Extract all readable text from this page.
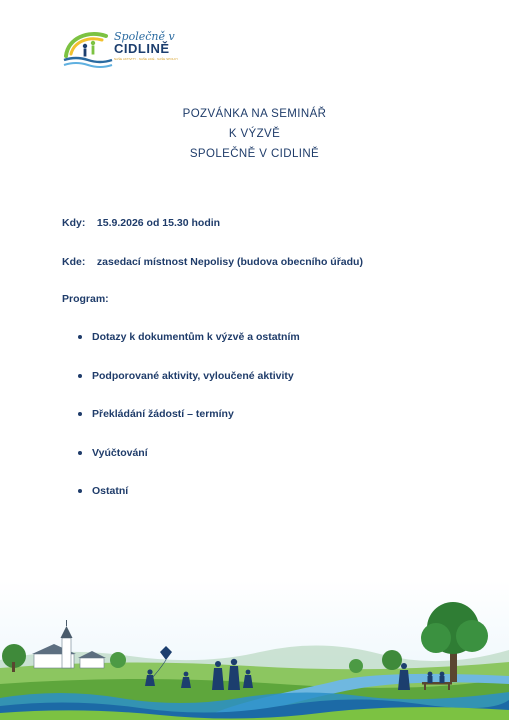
Společně v
CIDLINĚ
NAŠE AKTIVITY · NAŠE LIDÉ · NAŠE SPOLKY
POZVÁNKA NA SEMINÁŘ
K VÝZVĚ
SPOLEČNĚ V CIDLINĚ
Kdy: 15.9.2026 od 15.30 hodin
Kde: zasedací místnost Nepolisy (budova obecního úřadu)
Program:
Dotazy k dokumentům k výzvě a ostatním
Podporované aktivity, vyloučené aktivity
Překládání žádostí – termíny
Vyúčtování
Ostatní
